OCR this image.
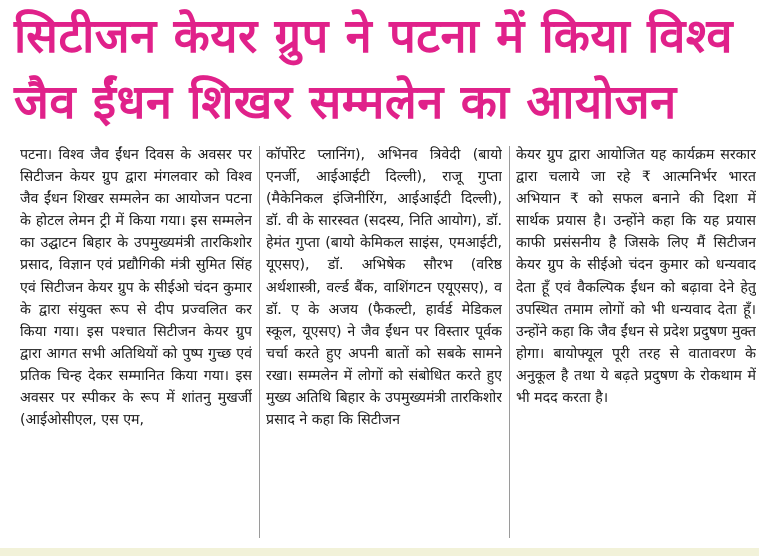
सिटीजन केयर ग्रुप ने पटना में किया विश्व
जैव ईंधन शिखर सम्मलेन का आयोजन

पटना। विश्व जैव ईंधन दिवस के अवसर पर सिटीजन केयर ग्रुप द्वारा मंगलवार को विश्व जैव ईंधन शिखर सम्मलेन का आयोजन पटना के होटल लेमन ट्री में किया गया। इस सम्मलेन का उद्घाटन बिहार के उपमुख्यमंत्री तारकिशोर प्रसाद, विज्ञान एवं प्रद्यौगिकी मंत्री सुमित सिंह एवं सिटीजन केयर ग्रुप के सीईओ चंदन कुमार के द्वारा संयुक्त रूप से दीप प्रज्वलित कर किया गया। इस पश्चात सिटीजन केयर ग्रुप द्वारा आगत सभी अतिथियों को पुष्प गुच्छ एवं प्रतिक चिन्ह देकर सम्मानित किया गया। इस अवसर पर स्पीकर के रूप में शांतनु मुखर्जी (आईओसीएल, एस एम,

कॉर्पोरेट प्लानिंग), अभिनव त्रिवेदी (बायो एनर्जी, आईआईटी दिल्ली), राजू गुप्ता (मैकेनिकल इंजिनीरिंग, आईआईटी दिल्ली), डॉ. वी के सारस्वत (सदस्य, निति आयोग), डॉ. हेमंत गुप्ता (बायो केमिकल साइंस, एमआईटी, यूएसए), डॉ. अभिषेक सौरभ (वरिष्ठ अर्थशास्त्री, वर्ल्ड बैंक, वाशिंगटन एयूएसए), व डॉ. ए के अजय (फैकल्टी, हार्वर्ड मेडिकल स्कूल, यूएसए) ने जैव ईंधन पर विस्तार पूर्वक चर्चा करते हुए अपनी बातों को सबके सामने रखा। सम्मलेन में लोगों को संबोधित करते हुए मुख्य अतिथि बिहार के उपमुख्यमंत्री तारकिशोर प्रसाद ने कहा कि सिटीजन

केयर ग्रुप द्वारा आयोजित यह कार्यक्रम सरकार द्वारा चलाये जा रहे ₹ आत्मनिर्भर भारत अभियान ₹ को सफल बनाने की दिशा में सार्थक प्रयास है। उन्होंने कहा कि यह प्रयास काफी प्रसंसनीय है जिसके लिए मैं सिटीजन केयर ग्रुप के सीईओ चंदन कुमार को धन्यवाद देता हूँ एवं वैकल्पिक ईंधन को बढ़ावा देने हेतु उपस्थित तमाम लोगों को भी धन्यवाद देता हूँ। उन्होंने कहा कि जैव ईंधन से प्रदेश प्रदुषण मुक्त होगा। बायोफ्यूल पूरी तरह से वातावरण के अनुकूल है तथा ये बढ़ते प्रदुषण के रोकथाम में भी मदद करता है।
